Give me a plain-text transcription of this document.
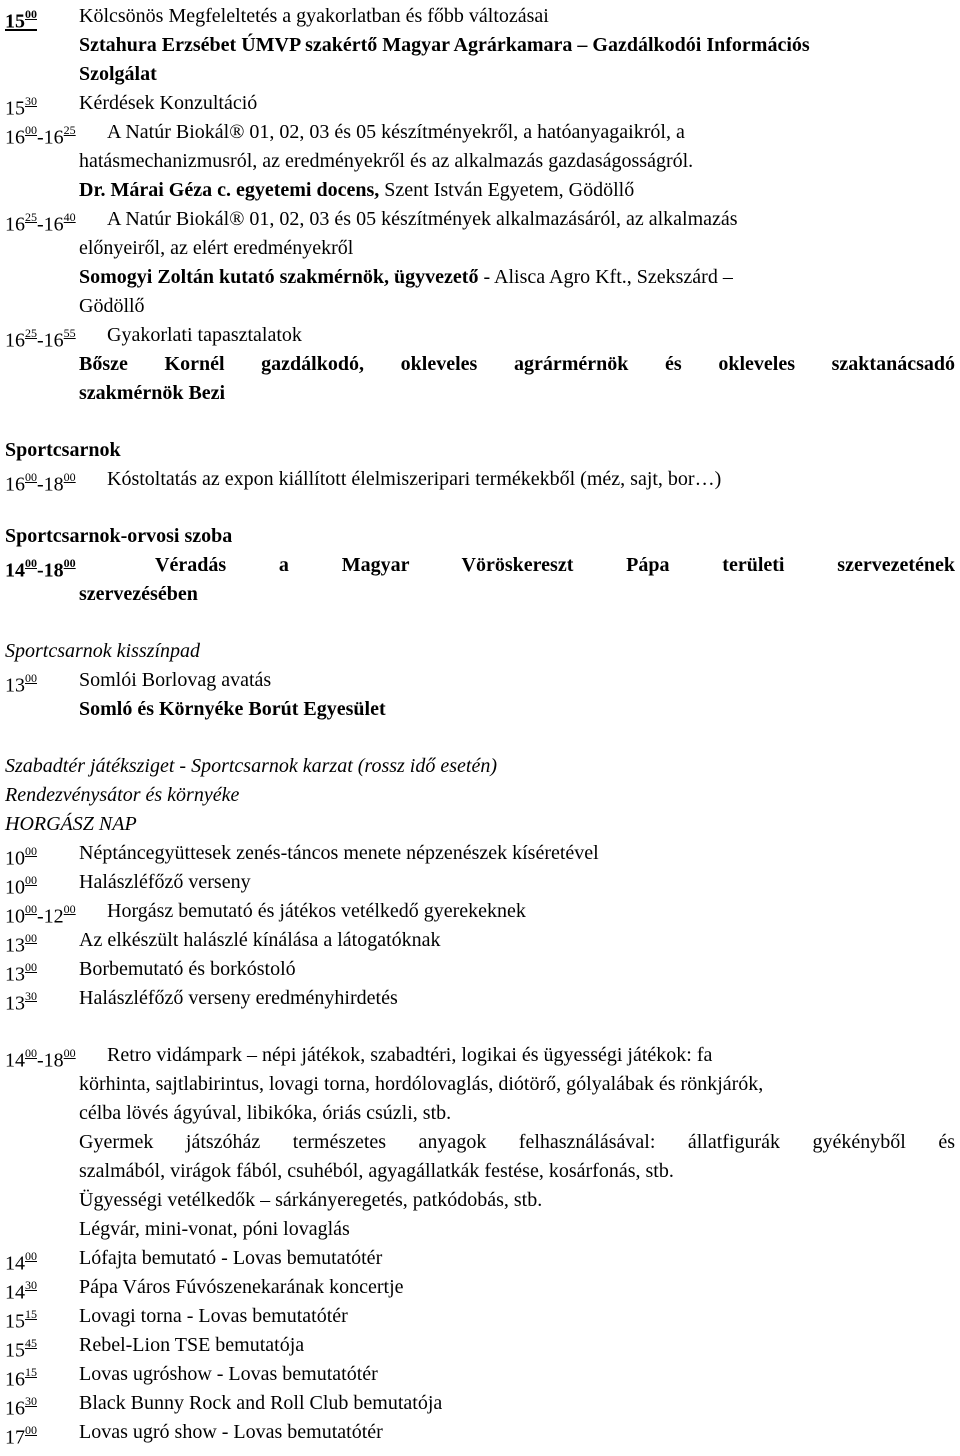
$15^{00}$ Kölcsönös Megfeleltetés a gyakorlatban és főbb változásai
Sztahura Erzsébet ÚMVP szakértő Magyar Agrárkamara – Gazdálkodói Információs
Szolgálat
$15^{30}$ Kérdések Konzultáció
$16^{00}-16^{25}$ A Natúr Biokál® 01, 02, 03 és 05 készítményekről, a hatóanyagaikról, a
hatásmechanizmusról, az eredményekről és az alkalmazás gazdaságosságról.
Dr. Márai Géza c. egyetemi docens, Szent István Egyetem, Gödöllő
$16^{25}-16^{40}$ A Natúr Biokál® 01, 02, 03 és 05 készítmények alkalmazásáról, az alkalmazás
előnyeiről, az elért eredményekről
Somogyi Zoltán kutató szakmérnök, ügyvezető - Alisca Agro Kft., Szekszárd –
Gödöllő
$16^{25}-16^{55}$ Gyakorlati tapasztalatok
Bősze Kornél gazdálkodó, okleveles agrármérnök és okleveles szaktanácsadó
szakmérnök Bezi
Sportcsarnok
$16^{00}-18^{00}$ Kóstoltatás az expon kiállított élelmiszeripari termékekből (méz, sajt, bor…)
Sportcsarnok-orvosi szoba
$14^{00}-18^{00}$	Véradás a Magyar Vöröskereszt Pápa területi szervezetének
szervezésében
Sportcsarnok kisszínpad
$13^{00}$ Somlói Borlovag avatás
Somló és Környéke Borút Egyesület
Szabadtér játéksziget - Sportcsarnok karzat (rossz idő esetén)
Rendezvénysátor és környéke
HORGÁSZ NAP
$10^{00}$ Néptáncegyüttesek zenés-táncos menete népzenészek kíséretével
$10^{00}$ Halászléfőző verseny
$10^{00}-12^{00}$ Horgász bemutató és játékos vetélkedő gyerekeknek
$13^{00}$ Az elkészült halászlé kínálása a látogatóknak
$13^{00}$ Borbemutató és borkóstoló
$13^{30}$ Halászléfőző verseny eredményhirdetés
$14^{00}-18^{00}$ Retro vidámpark – népi játékok, szabadtéri, logikai és ügyességi játékok: fa
körhinta, sajtlabirintus, lovagi torna, hordólovaglás, diótörő, gólyalábak és rönkjárók,
célba lövés ágyúval, libikóka, óriás csúzli, stb.
Gyermek játszóház természetes anyagok felhasználásával: állatfigurák gyékényből és
szalmából, virágok fából, csuhéból, agyagállatkák festése, kosárfonás, stb.
Ügyességi vetélkedők – sárkányeregetés, patkódobás, stb.
Légvár, mini-vonat, póni lovaglás
$14^{00}$ Lófajta bemutató - Lovas bemutatótér
$14^{30}$ Pápa Város Fúvószenekarának koncertje
$15^{15}$ Lovagi torna - Lovas bemutatótér
$15^{45}$ Rebel-Lion TSE bemutatója
$16^{15}$ Lovas ugróshow - Lovas bemutatótér
$16^{30}$ Black Bunny Rock and Roll Club bemutatója
$17^{00}$ Lovas ugró show - Lovas bemutatótér
